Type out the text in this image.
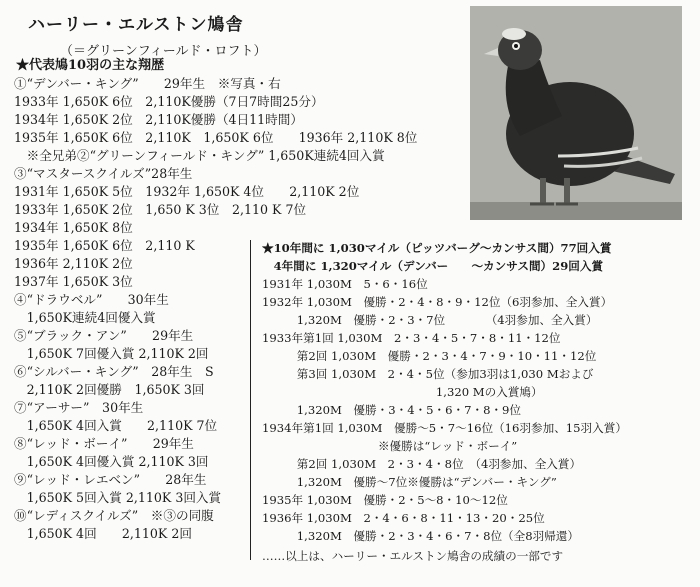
ハーリー・エルストン鳩舎
（＝グリーンフィールド・ロフト）
★代表鳩10羽の主な翔歴
①“デンバー・キング”　　29年生　※写真・右
1933年 1,650K 6位　2,110K優勝（7日7時間25分）
1934年 1,650K 2位　2,110K優勝（4日11時間）
1935年 1,650K 6位　2,110K　1,650K 6位　　1936年 2,110K 8位
　※全兄弟②“グリーンフィールド・キング” 1,650K連続4回入賞
③“マスタースクイルズ”28年生
1931年 1,650K 5位　1932年 1,650K 4位　　2,110K 2位
1933年 1,650K 2位　1,650 K 3位　2,110 K 7位
1934年 1,650K 8位
1935年 1,650K 6位　2,110 K
1936年 2,110K 2位
1937年 1,650K 3位
④“ドラウベル”　　30年生
　1,650K連続4回優入賞
⑤“ブラック・アン”　　29年生
　1,650K 7回優入賞 2,110K 2回
⑥“シルバー・キング”　28年生　S
　2,110K 2回優勝　1,650K 3回
⑦“アーサー”　30年生
　1,650K 4回入賞　　2,110K 7位
⑧“レッド・ボーイ”　　29年生
　1,650K 4回優入賞 2,110K 3回
⑨“レッド・レエベン”　　28年生
　1,650K 5回入賞 2,110K 3回入賞
⑩“レディスクイルズ”　※③の同腹
　1,650K 4回　　2,110K 2回
★10年間に 1,030マイル（ピッツバーグ～カンサス間）77回入賞
　4年間に 1,320マイル（デンバー　　～カンサス間）29回入賞
1931年 1,030M　5・6・16位
1932年 1,030M　優勝・2・4・8・9・12位（6羽参加、全入賞）
　　　1,320M　優勝・2・3・7位　　　　（4羽参加、全入賞）
1933年第1回 1,030M　2・3・4・5・7・8・11・12位
　　　第2回 1,030M　優勝・2・3・4・7・9・10・11・12位
　　　第3回 1,030M　2・4・5位（参加3羽は1,030 Mおよび
　　　　　　　　　　　　　　　1,320 Mの入賞鳩）
　　　1,320M　優勝・3・4・5・6・7・8・9位
1934年第1回 1,030M　優勝～5・7～16位（16羽参加、15羽入賞）
　　　　　　　　　　※優勝は“レッド・ボーイ”
　　　第2回 1,030M　2・3・4・8位　（4羽参加、全入賞）
　　　1,320M　優勝～7位※優勝は“デンバー・キング”
1935年 1,030M　優勝・2・5～8・10～12位
1936年 1,030M　2・4・6・8・11・13・20・25位
　　　1,320M　優勝・2・3・4・6・7・8位（全8羽帰還）
……以上は、ハーリー・エルストン鳩舎の成績の一部です
